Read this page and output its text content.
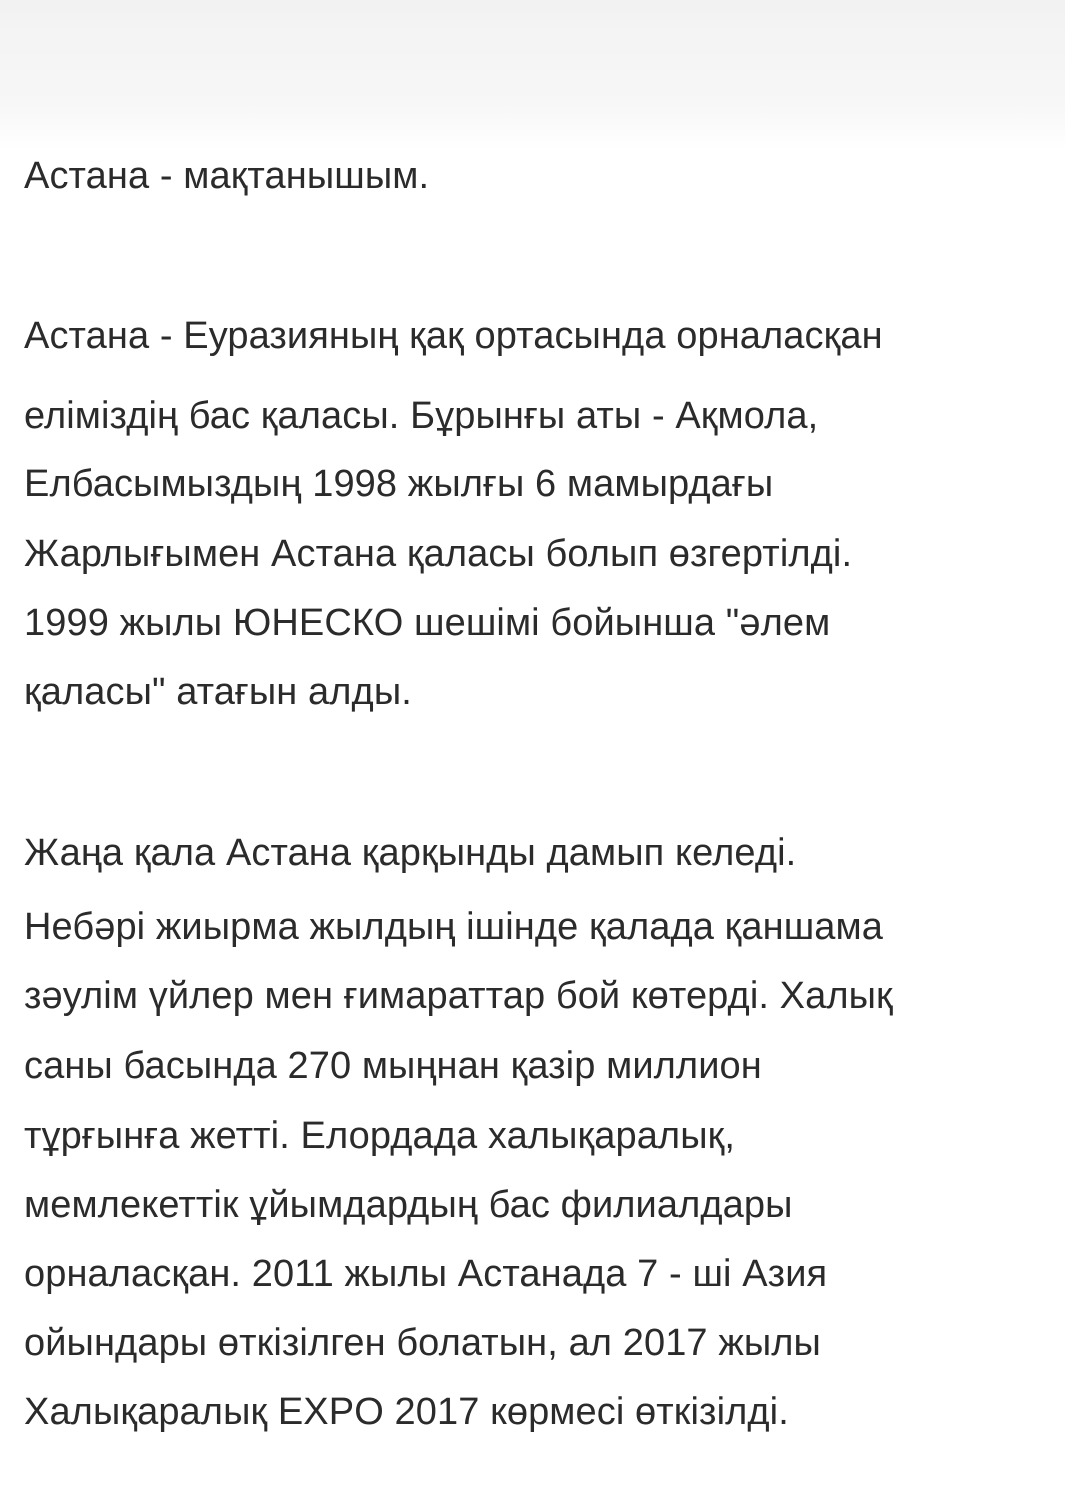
Астана - мақтанышым.
Астана - Еуразияның қақ ортасында орналасқан
еліміздің бас қаласы. Бұрынғы аты - Ақмола,
Елбасымыздың 1998 жылғы 6 мамырдағы
Жарлығымен Астана қаласы болып өзгертілді.
1999 жылы ЮНЕСКО шешімі бойынша "әлем
қаласы" атағын алды.
Жаңа қала Астана қарқынды дамып келеді.
Небәрі жиырма жылдың ішінде қалада қаншама
зәулім үйлер мен ғимараттар бой көтерді. Халық
саны басында 270 мыңнан қазір миллион
тұрғынға жетті. Елордада халықаралық,
мемлекеттік ұйымдардың бас филиалдары
орналасқан. 2011 жылы Астанада 7 - ші Азия
ойындары өткізілген болатын, ал 2017 жылы
Халықаралық EXPO 2017 көрмесі өткізілді.
